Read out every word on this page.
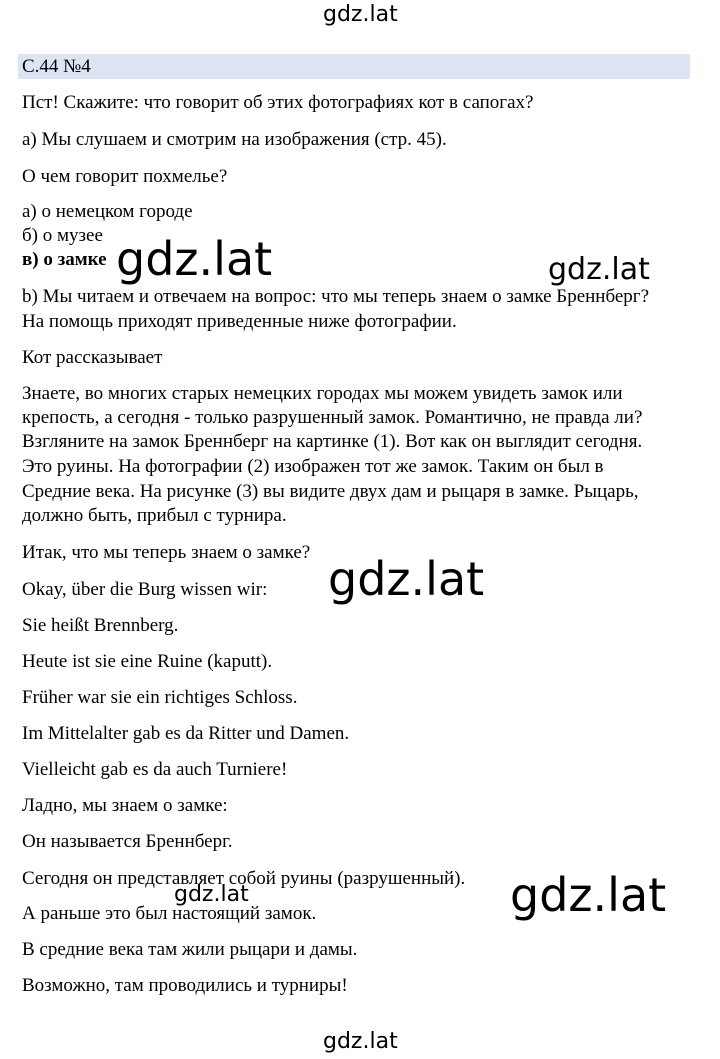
gdz.lat
С.44 №4
Пст! Скажите: что говорит об этих фотографиях кот в сапогах?
а) Мы слушаем и смотрим на изображения (стр. 45).
О чем говорит похмелье?
а) о немецком городе
б) о музее
в) о замке
b) Мы читаем и отвечаем на вопрос: что мы теперь знаем о замке Бреннберг?
На помощь приходят приведенные ниже фотографии.
Кот рассказывает
Знаете, во многих старых немецких городах мы можем увидеть замок или
крепость, а сегодня - только разрушенный замок. Романтично, не правда ли?
Взгляните на замок Бреннберг на картинке (1). Вот как он выглядит сегодня.
Это руины. На фотографии (2) изображен тот же замок. Таким он был в
Средние века. На рисунке (3) вы видите двух дам и рыцаря в замке. Рыцарь,
должно быть, прибыл с турнира.
Итак, что мы теперь знаем о замке?
Okay, über die Burg wissen wir:
Sie heißt Brennberg.
Heute ist sie eine Ruine (kaputt).
Früher war sie ein richtiges Schloss.
Im Mittelalter gab es da Ritter und Damen.
Vielleicht gab es da auch Turniere!
Ладно, мы знаем о замке:
Он называется Бреннберг.
Сегодня он представляет собой руины (разрушенный).
А раньше это был настоящий замок.
В средние века там жили рыцари и дамы.
Возможно, там проводились и турниры!
gdz.lat	gdz.lat
gdz.lat
gdz.lat	gdz.lat
gdz.lat
